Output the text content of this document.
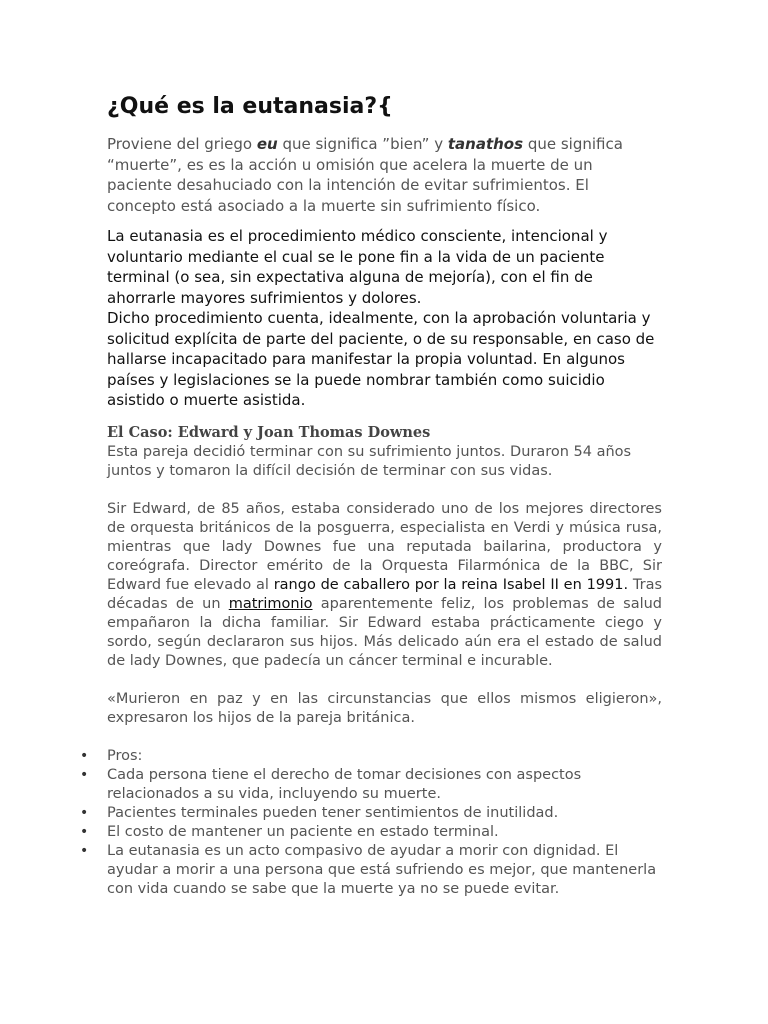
¿Qué es la eutanasia?{

Proviene del griego eu que significa ”bien” y tanathos que significa “muerte”, es es la acción u omisión que acelera la muerte de un paciente desahuciado con la intención de evitar sufrimientos. El concepto está asociado a la muerte sin sufrimiento físico.

La eutanasia es el procedimiento médico consciente, intencional y voluntario mediante el cual se le pone fin a la vida de un paciente terminal (o sea, sin expectativa alguna de mejoría), con el fin de ahorrarle mayores sufrimientos y dolores.

Dicho procedimiento cuenta, idealmente, con la aprobación voluntaria y solicitud explícita de parte del paciente, o de su responsable, en caso de hallarse incapacitado para manifestar la propia voluntad. En algunos países y legislaciones se la puede nombrar también como suicidio asistido o muerte asistida.

El Caso: Edward y Joan Thomas Downes

Esta pareja decidió terminar con su sufrimiento juntos. Duraron 54 años juntos y tomaron la difícil decisión de terminar con sus vidas.

Sir Edward, de 85 años, estaba considerado uno de los mejores directores de orquesta británicos de la posguerra, especialista en Verdi y música rusa, mientras que lady Downes fue una reputada bailarina, productora y coreógrafa. Director emérito de la Orquesta Filarmónica de la BBC, Sir Edward fue elevado al rango de caballero por la reina Isabel II en 1991. Tras décadas de un matrimonio aparentemente feliz, los problemas de salud empañaron la dicha familiar. Sir Edward estaba prácticamente ciego y sordo, según declararon sus hijos. Más delicado aún era el estado de salud de lady Downes, que padecía un cáncer terminal e incurable.

«Murieron en paz y en las circunstancias que ellos mismos eligieron», expresaron los hijos de la pareja británica.

• Pros:
• Cada persona tiene el derecho de tomar decisiones con aspectos relacionados a su vida, incluyendo su muerte.
• Pacientes terminales pueden tener sentimientos de inutilidad.
• El costo de mantener un paciente en estado terminal.
• La eutanasia es un acto compasivo de ayudar a morir con dignidad. El ayudar a morir a una persona que está sufriendo es mejor, que mantenerla con vida cuando se sabe que la muerte ya no se puede evitar.
